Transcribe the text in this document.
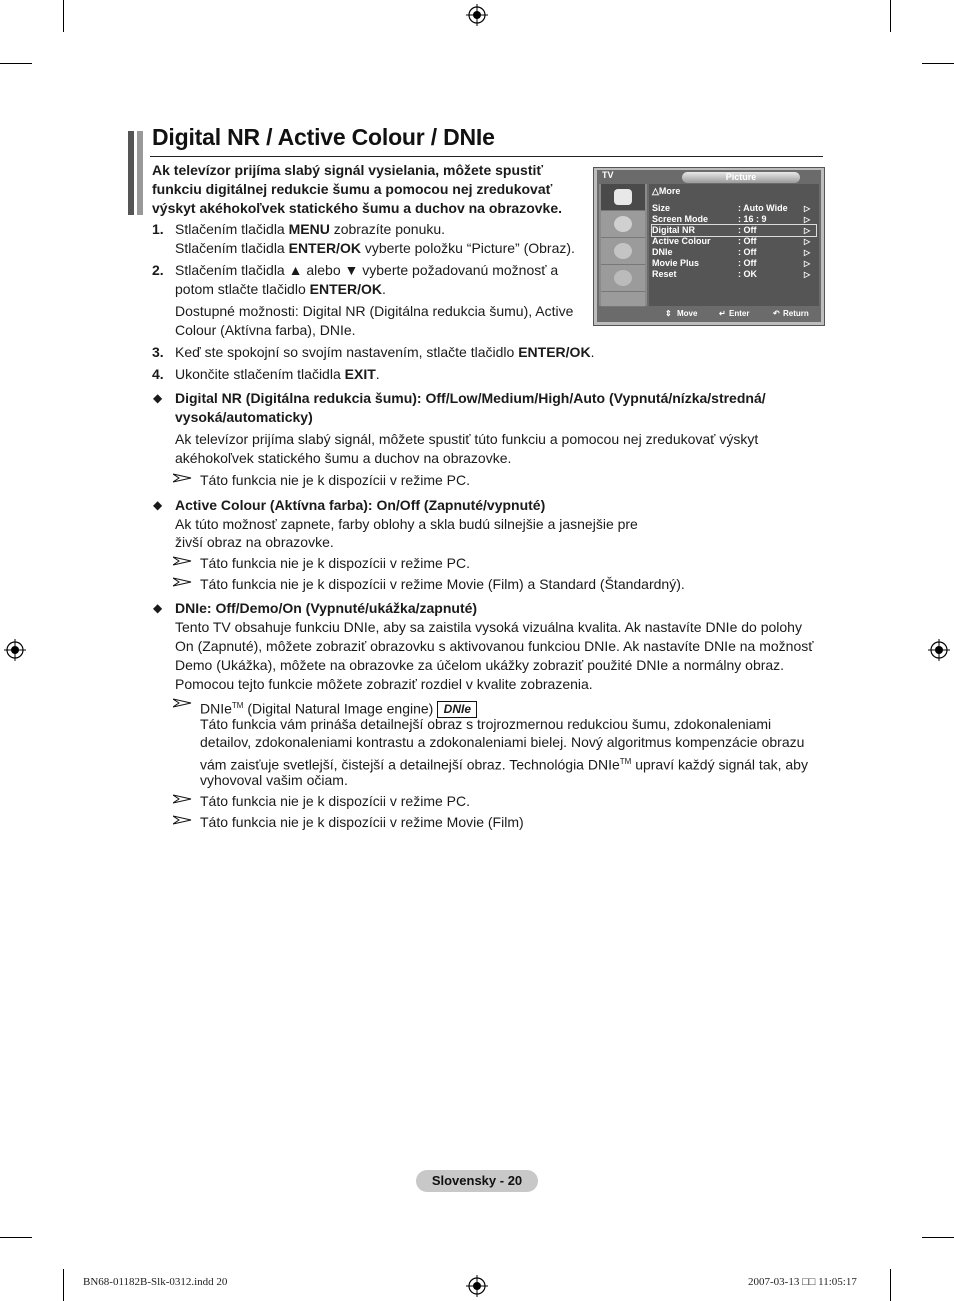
Digital NR / Active Colour / DNIe
Ak televízor prijíma slabý signál vysielania, môžete spustiť funkciu digitálnej redukcie šumu a pomocou nej zredukovať výskyt akéhokoľvek statického šumu a duchov na obrazovke.
1. Stlačením tlačidla MENU zobrazíte ponuku.
Stlačením tlačidla ENTER/OK vyberte položku “Picture” (Obraz).
2. Stlačením tlačidla ▲ alebo ▼ vyberte požadovanú možnosť a
potom stlačte tlačidlo ENTER/OK.
Dostupné možnosti: Digital NR (Digitálna redukcia šumu), Active
Colour (Aktívna farba), DNIe.
3. Keď ste spokojní so svojím nastavením, stlačte tlačidlo ENTER/OK.
4. Ukončite stlačením tlačidla EXIT.
TV	Picture
△More
Size	: Auto Wide ▷
Screen Mode	: 16 : 9	▷
Digital NR	: Off	▷
Active Colour	: Off	▷
DNIe	: Off	▷
Movie Plus	: Off	▷
Reset	: OK	▷
⇕ Move	↵ Enter	↶ Return
◆ Digital NR (Digitálna redukcia šumu): Off/Low/Medium/High/Auto (Vypnutá/nízka/stredná/
vysoká/automaticky)
Ak televízor prijíma slabý signál, môžete spustiť túto funkciu a pomocou nej zredukovať výskyt
akéhokoľvek statického šumu a duchov na obrazovke.
Táto funkcia nie je k dispozícii v režime PC.
◆ Active Colour (Aktívna farba): On/Off (Zapnuté/vypnuté)
Ak túto možnosť zapnete, farby oblohy a skla budú silnejšie a jasnejšie pre
živší obraz na obrazovke.
Táto funkcia nie je k dispozícii v režime PC.
Táto funkcia nie je k dispozícii v režime Movie (Film) a Standard (Štandardný).
◆ DNIe: Off/Demo/On (Vypnuté/ukážka/zapnuté)
Tento TV obsahuje funkciu DNIe, aby sa zaistila vysoká vizuálna kvalita. Ak nastavíte DNIe do polohy
On (Zapnuté), môžete zobraziť obrazovku s aktivovanou funkciou DNIe. Ak nastavíte DNIe na možnosť
Demo (Ukážka), môžete na obrazovke za účelom ukážky zobraziť použité DNIe a normálny obraz.
Pomocou tejto funkcie môžete zobraziť rozdiel v kvalite zobrazenia.
DNIe™ (Digital Natural Image engine) DNIe
Táto funkcia vám prináša detailnejší obraz s trojrozmernou redukciou šumu, zdokonaleniami
detailov, zdokonaleniami kontrastu a zdokonaleniami bielej. Nový algoritmus kompenzácie obrazu
vám zaisťuje svetlejší, čistejší a detailnejší obraz. Technológia DNIe™ upraví každý signál tak, aby
vyhovoval vašim očiam.
Táto funkcia nie je k dispozícii v režime PC.
Táto funkcia nie je k dispozícii v režime Movie (Film)
Slovensky - 20
BN68-01182B-Slk-0312.indd 20	2007-03-13 □□ 11:05:17
